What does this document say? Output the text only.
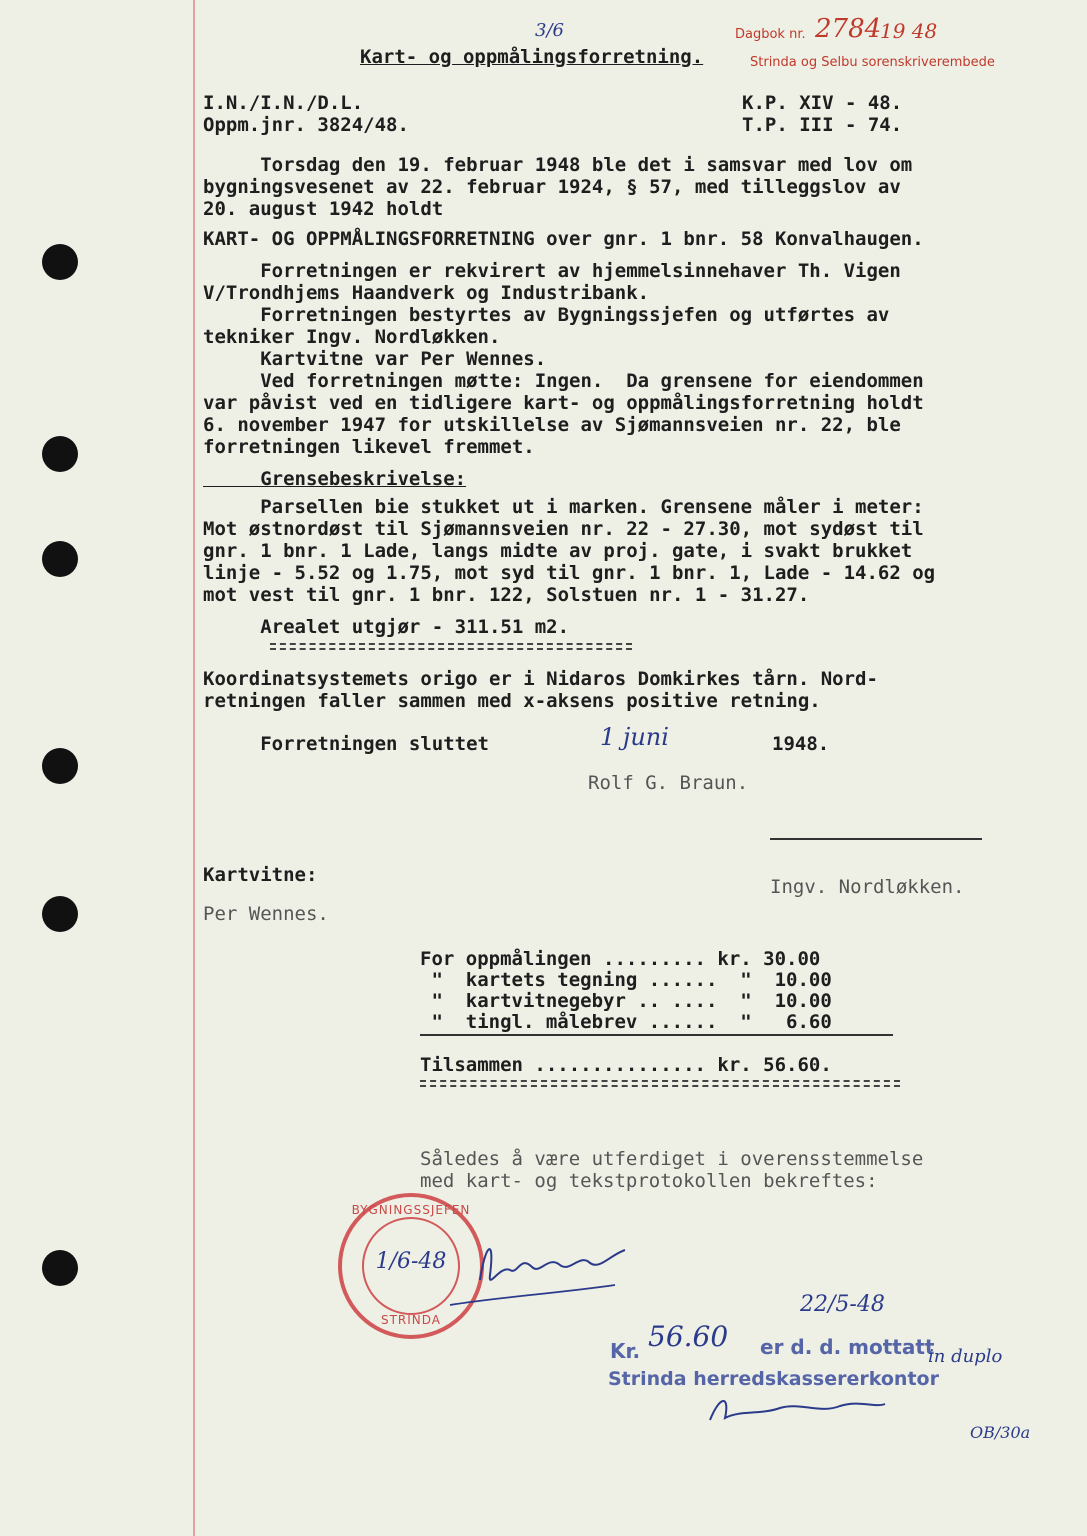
3/6
Kart- og oppmålingsforretning.
Dagbok nr. 2784
19 48
Strinda og Selbu sorenskriverembede
I.N./I.N./D.L.
Oppm.jnr. 3824/48.
K.P. XIV - 48.
T.P. III - 74.
Torsdag den 19. februar 1948 ble det i samsvar med lov om
bygningsvesenet av 22. februar 1924, § 57, med tilleggslov av
20. august 1942 holdt
KART- OG OPPMÅLINGSFORRETNING over gnr. 1 bnr. 58 Konvalhaugen.
Forretningen er rekvirert av hjemmelsinnehaver Th. Vigen
V/Trondhjems Haandverk og Industribank.
Forretningen bestyrtes av Bygningssjefen og utførtes av
tekniker Ingv. Nordløkken.
Kartvitne var Per Wennes.
Ved forretningen møtte: Ingen.  Da grensene for eiendommen
var påvist ved en tidligere kart- og oppmålingsforretning holdt
6. november 1947 for utskillelse av Sjømannsveien nr. 22, ble
forretningen likevel fremmet.
Grensebeskrivelse:
Parsellen bie stukket ut i marken. Grensene måler i meter:
Mot østnordøst til Sjømannsveien nr. 22 - 27.30, mot sydøst til
gnr. 1 bnr. 1 Lade, langs midte av proj. gate, i svakt brukket
linje - 5.52 og 1.75, mot syd til gnr. 1 bnr. 1, Lade - 14.62 og
mot vest til gnr. 1 bnr. 122, Solstuen nr. 1 - 31.27.
Arealet utgjør - 311.51 m2.
Koordinatsystemets origo er i Nidaros Domkirkes tårn. Nord-
retningen faller sammen med x-aksens positive retning.
Forretningen sluttet	1 juni	1948.
Rolf G. Braun.
Kartvitne:
Ingv. Nordløkken.
Per Wennes.
For oppmålingen ......... kr. 30.00
"  kartets tegning ......  "  10.00
"  kartvitnegebyr .. ....  "  10.00
"  tingl. målebrev ......  "   6.60
Tilsammen ............... kr. 56.60.
Således å være utferdiget i overensstemmelse
med kart- og tekstprotokollen bekreftes:
BYGNINGSSJEFEN
1/6-48
STRINDA
22/5-48
Kr. 56.60 er d. d. mottatt
Strinda herredskassererkontor
in duplo
OB/30a
